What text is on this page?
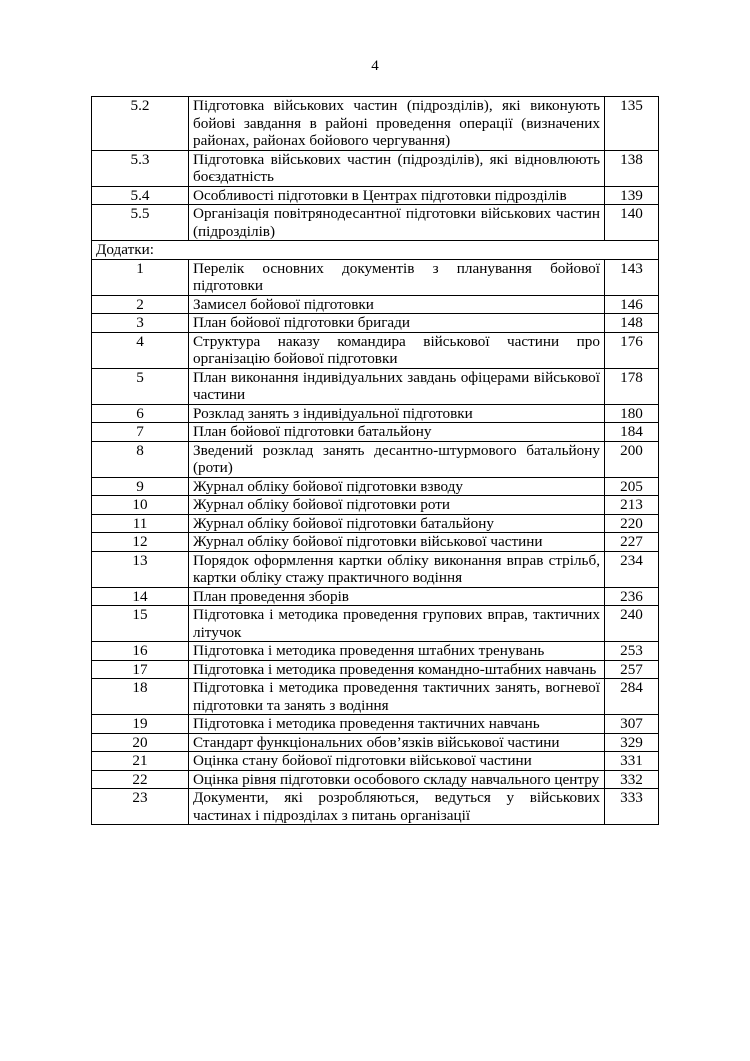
4
5.2	Підготовка військових частин (підрозділів), які виконують бойові завдання в районі проведення операції (визначених районах, районах бойового чергування)	135
5.3	Підготовка військових частин (підрозділів), які відновлюють боєздатність	138
5.4	Особливості підготовки в Центрах підготовки підрозділів	139
5.5	Організація повітрянодесантної підготовки військових частин (підрозділів)	140
Додатки:		
1	Перелік основних документів з планування бойової підготовки	143
2	Замисел бойової підготовки	146
3	План бойової підготовки бригади	148
4	Структура наказу командира військової частини про організацію бойової підготовки	176
5	План виконання індивідуальних завдань офіцерами військової частини	178
6	Розклад занять з індивідуальної підготовки	180
7	План бойової підготовки батальйону	184
8	Зведений розклад занять десантно-штурмового батальйону (роти)	200
9	Журнал обліку бойової підготовки взводу	205
10	Журнал обліку бойової підготовки роти	213
11	Журнал обліку бойової підготовки батальйону	220
12	Журнал обліку бойової підготовки військової частини	227
13	Порядок оформлення картки обліку виконання вправ стрільб, картки обліку стажу практичного водіння	234
14	План проведення зборів	236
15	Підготовка і методика проведення групових вправ, тактичних літучок	240
16	Підготовка і методика проведення штабних тренувань	253
17	Підготовка і методика проведення командно-штабних навчань	257
18	Підготовка і методика проведення тактичних занять, вогневої підготовки та занять з водіння	284
19	Підготовка і методика проведення тактичних навчань	307
20	Стандарт функціональних обов’язків військової частини	329
21	Оцінка стану бойової підготовки військової частини	331
22	Оцінка рівня підготовки особового складу навчального центру	332
23	Документи, які розробляються, ведуться у військових частинах і підрозділах з питань організації	333
